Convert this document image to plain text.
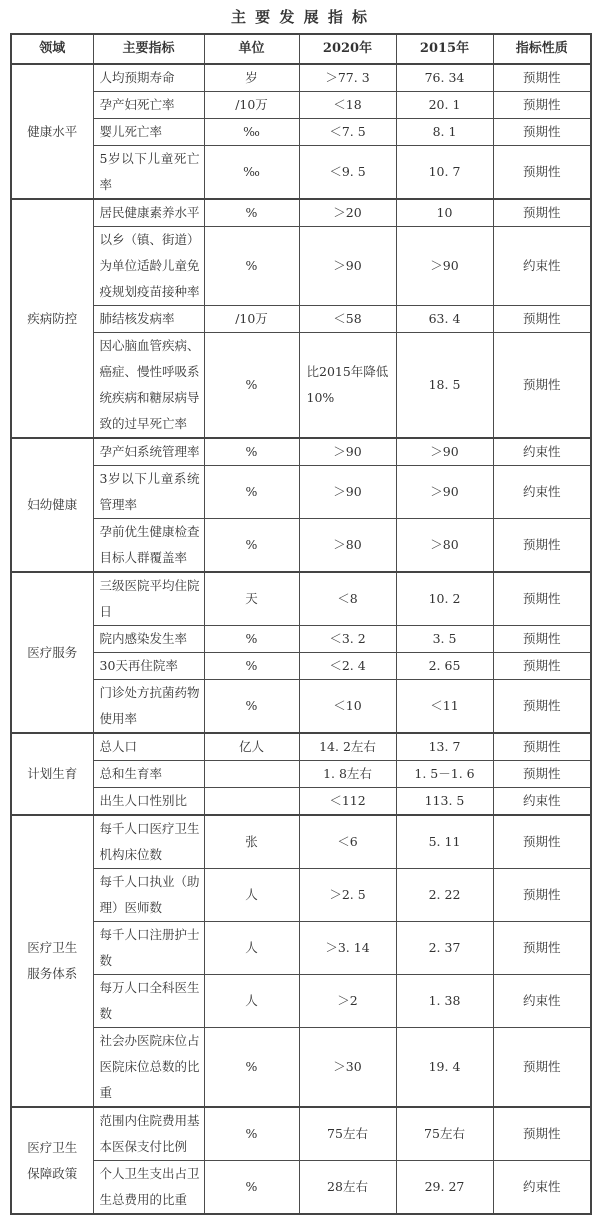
主 要 发 展 指 标
领域	主要指标	单位	2020年	2015年	指标性质
健康水平	人均预期寿命	岁	＞77. 3	76. 34	预期性
	孕产妇死亡率	/10万	＜18	20. 1	预期性
	婴儿死亡率	‰	＜7. 5	8. 1	预期性
	5岁以下儿童死亡率	‰	＜9. 5	10. 7	预期性
疾病防控	居民健康素养水平	%	＞20	10	预期性
	以乡（镇、街道）为单位适龄儿童免疫规划疫苗接种率	%	＞90	＞90	约束性
	肺结核发病率	/10万	＜58	63. 4	预期性
	因心脑血管疾病、癌症、慢性呼吸系统疾病和糖尿病导致的过早死亡率	%	比2015年降低10%	18. 5	预期性
妇幼健康	孕产妇系统管理率	%	＞90	＞90	约束性
	3岁以下儿童系统管理率	%	＞90	＞90	约束性
	孕前优生健康检查目标人群覆盖率	%	＞80	＞80	预期性
医疗服务	三级医院平均住院日	天	＜8	10. 2	预期性
	院内感染发生率	%	＜3. 2	3. 5	预期性
	30天再住院率	%	＜2. 4	2. 65	预期性
	门诊处方抗菌药物使用率	%	＜10	＜11	预期性
计划生育	总人口	亿人	14. 2左右	13. 7	预期性
	总和生育率		1. 8左右	1. 5－1. 6	预期性
	出生人口性别比		＜112	113. 5	约束性
医疗卫生服务体系	每千人口医疗卫生机构床位数	张	＜6	5. 11	预期性
	每千人口执业（助理）医师数	人	＞2. 5	2. 22	预期性
	每千人口注册护士数	人	＞3. 14	2. 37	预期性
	每万人口全科医生数	人	＞2	1. 38	约束性
	社会办医院床位占医院床位总数的比重	%	＞30	19. 4	预期性
医疗卫生保障政策	范围内住院费用基本医保支付比例	%	75左右	75左右	预期性
	个人卫生支出占卫生总费用的比重	%	28左右	29. 27	约束性
